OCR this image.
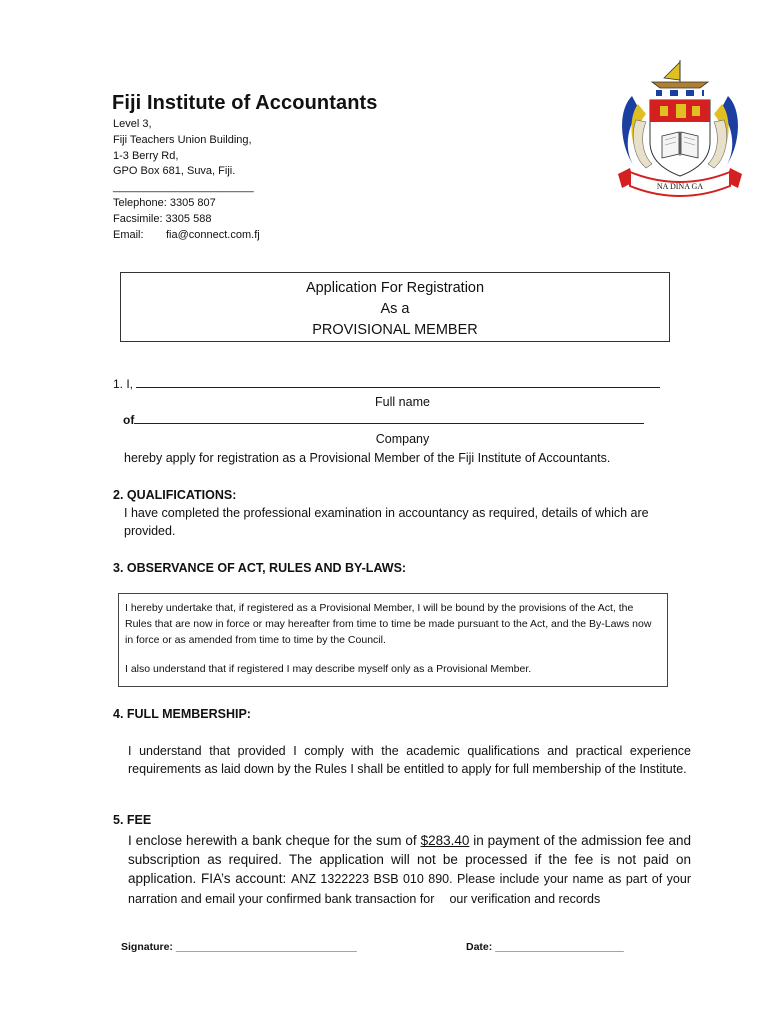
Fiji Institute of Accountants
Level 3,
Fiji Teachers Union Building,
1-3 Berry Rd,
GPO Box 681, Suva, Fiji.
_______________________
Telephone: 3305 807
Facsimile: 3305 588
Email: fia@connect.com.fj
NA DINA GA
Application For Registration
As a
PROVISIONAL MEMBER
1. I,
Full name
of
Company
hereby apply for registration as a Provisional Member of the Fiji Institute of Accountants.
2. QUALIFICATIONS:
I have completed the professional examination in accountancy as required, details of which are provided.
3. OBSERVANCE OF ACT, RULES AND BY-LAWS:

I hereby undertake that, if registered as a Provisional Member, I will be bound by the provisions of the Act, the Rules that are now in force or may hereafter from time to time be made pursuant to the Act, and the By-Laws now in force or as amended from time to time by the Council.

I also understand that if registered I may describe myself only as a Provisional Member.

4. FULL MEMBERSHIP:
I understand that provided I comply with the academic qualifications and practical experience requirements as laid down by the Rules I shall be entitled to apply for full membership of the Institute.
5. FEE
I enclose herewith a bank cheque for the sum of $283.40 in payment of the admission fee and subscription as required. The application will not be processed if the fee is not paid on application. FIA’s account: ANZ 1322223 BSB 010 890. Please include your name as part of your narration and email your confirmed bank transaction for our verification and records
Signature: _______________________________	Date: ______________________
